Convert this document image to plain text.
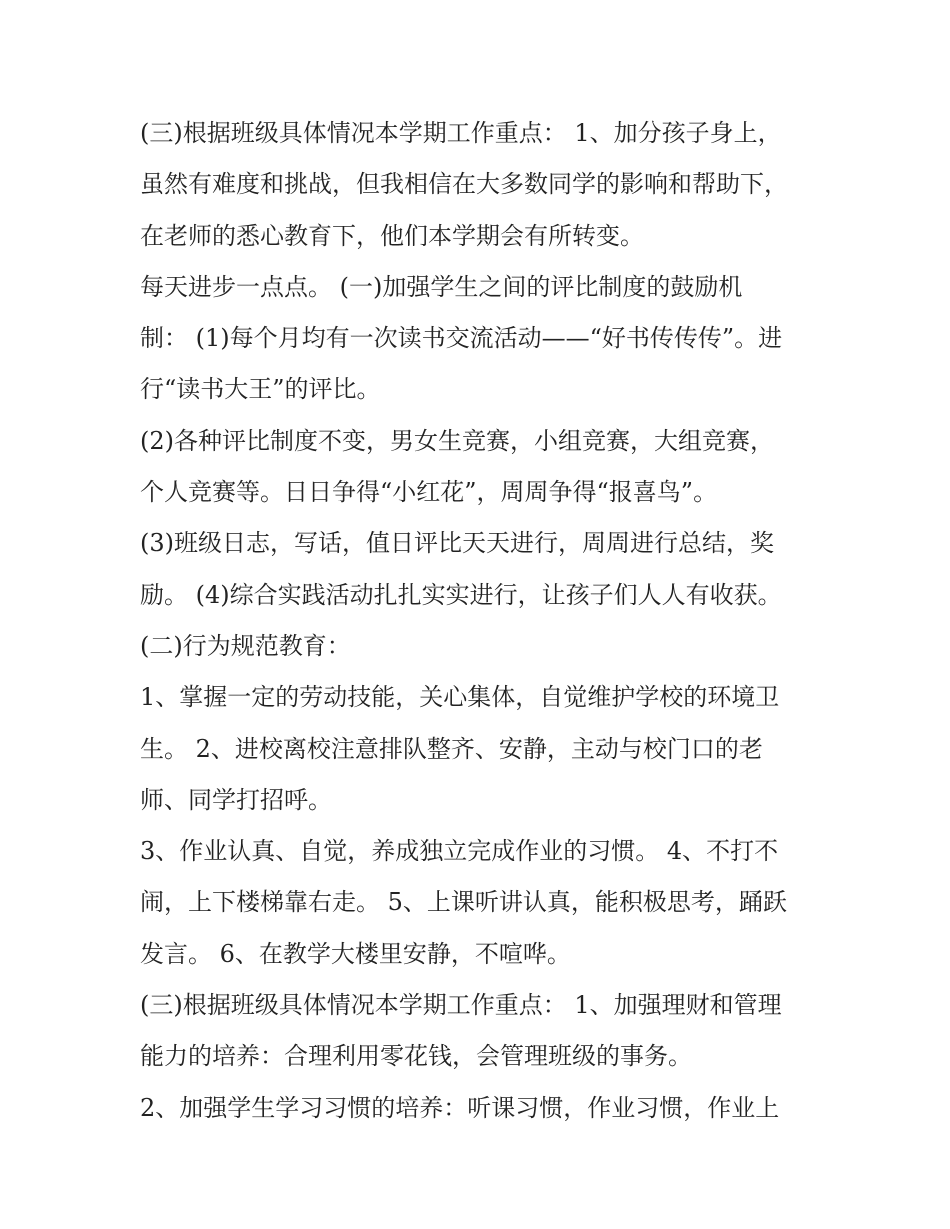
(三)根据班级具体情况本学期工作重点： 1、加分孩子身上，
虽然有难度和挑战，但我相信在大多数同学的影响和帮助下，
在老师的悉心教育下，他们本学期会有所转变。
每天进步一点点。 (一)加强学生之间的评比制度的鼓励机
制： (1)每个月均有一次读书交流活动——“好书传传传”。进
行“读书大王”的评比。
(2)各种评比制度不变，男女生竞赛，小组竞赛，大组竞赛，
个人竞赛等。日日争得“小红花”，周周争得“报喜鸟”。
(3)班级日志，写话，值日评比天天进行，周周进行总结，奖
励。 (4)综合实践活动扎扎实实进行，让孩子们人人有收获。
(二)行为规范教育：
1、掌握一定的劳动技能，关心集体，自觉维护学校的环境卫
生。 2、进校离校注意排队整齐、安静，主动与校门口的老
师、同学打招呼。
3、作业认真、自觉，养成独立完成作业的习惯。 4、不打不
闹，上下楼梯靠右走。 5、上课听讲认真，能积极思考，踊跃
发言。 6、在教学大楼里安静，不喧哗。
(三)根据班级具体情况本学期工作重点： 1、加强理财和管理
能力的培养：合理利用零花钱，会管理班级的事务。
2、加强学生学习习惯的培养：听课习惯，作业习惯，作业上
